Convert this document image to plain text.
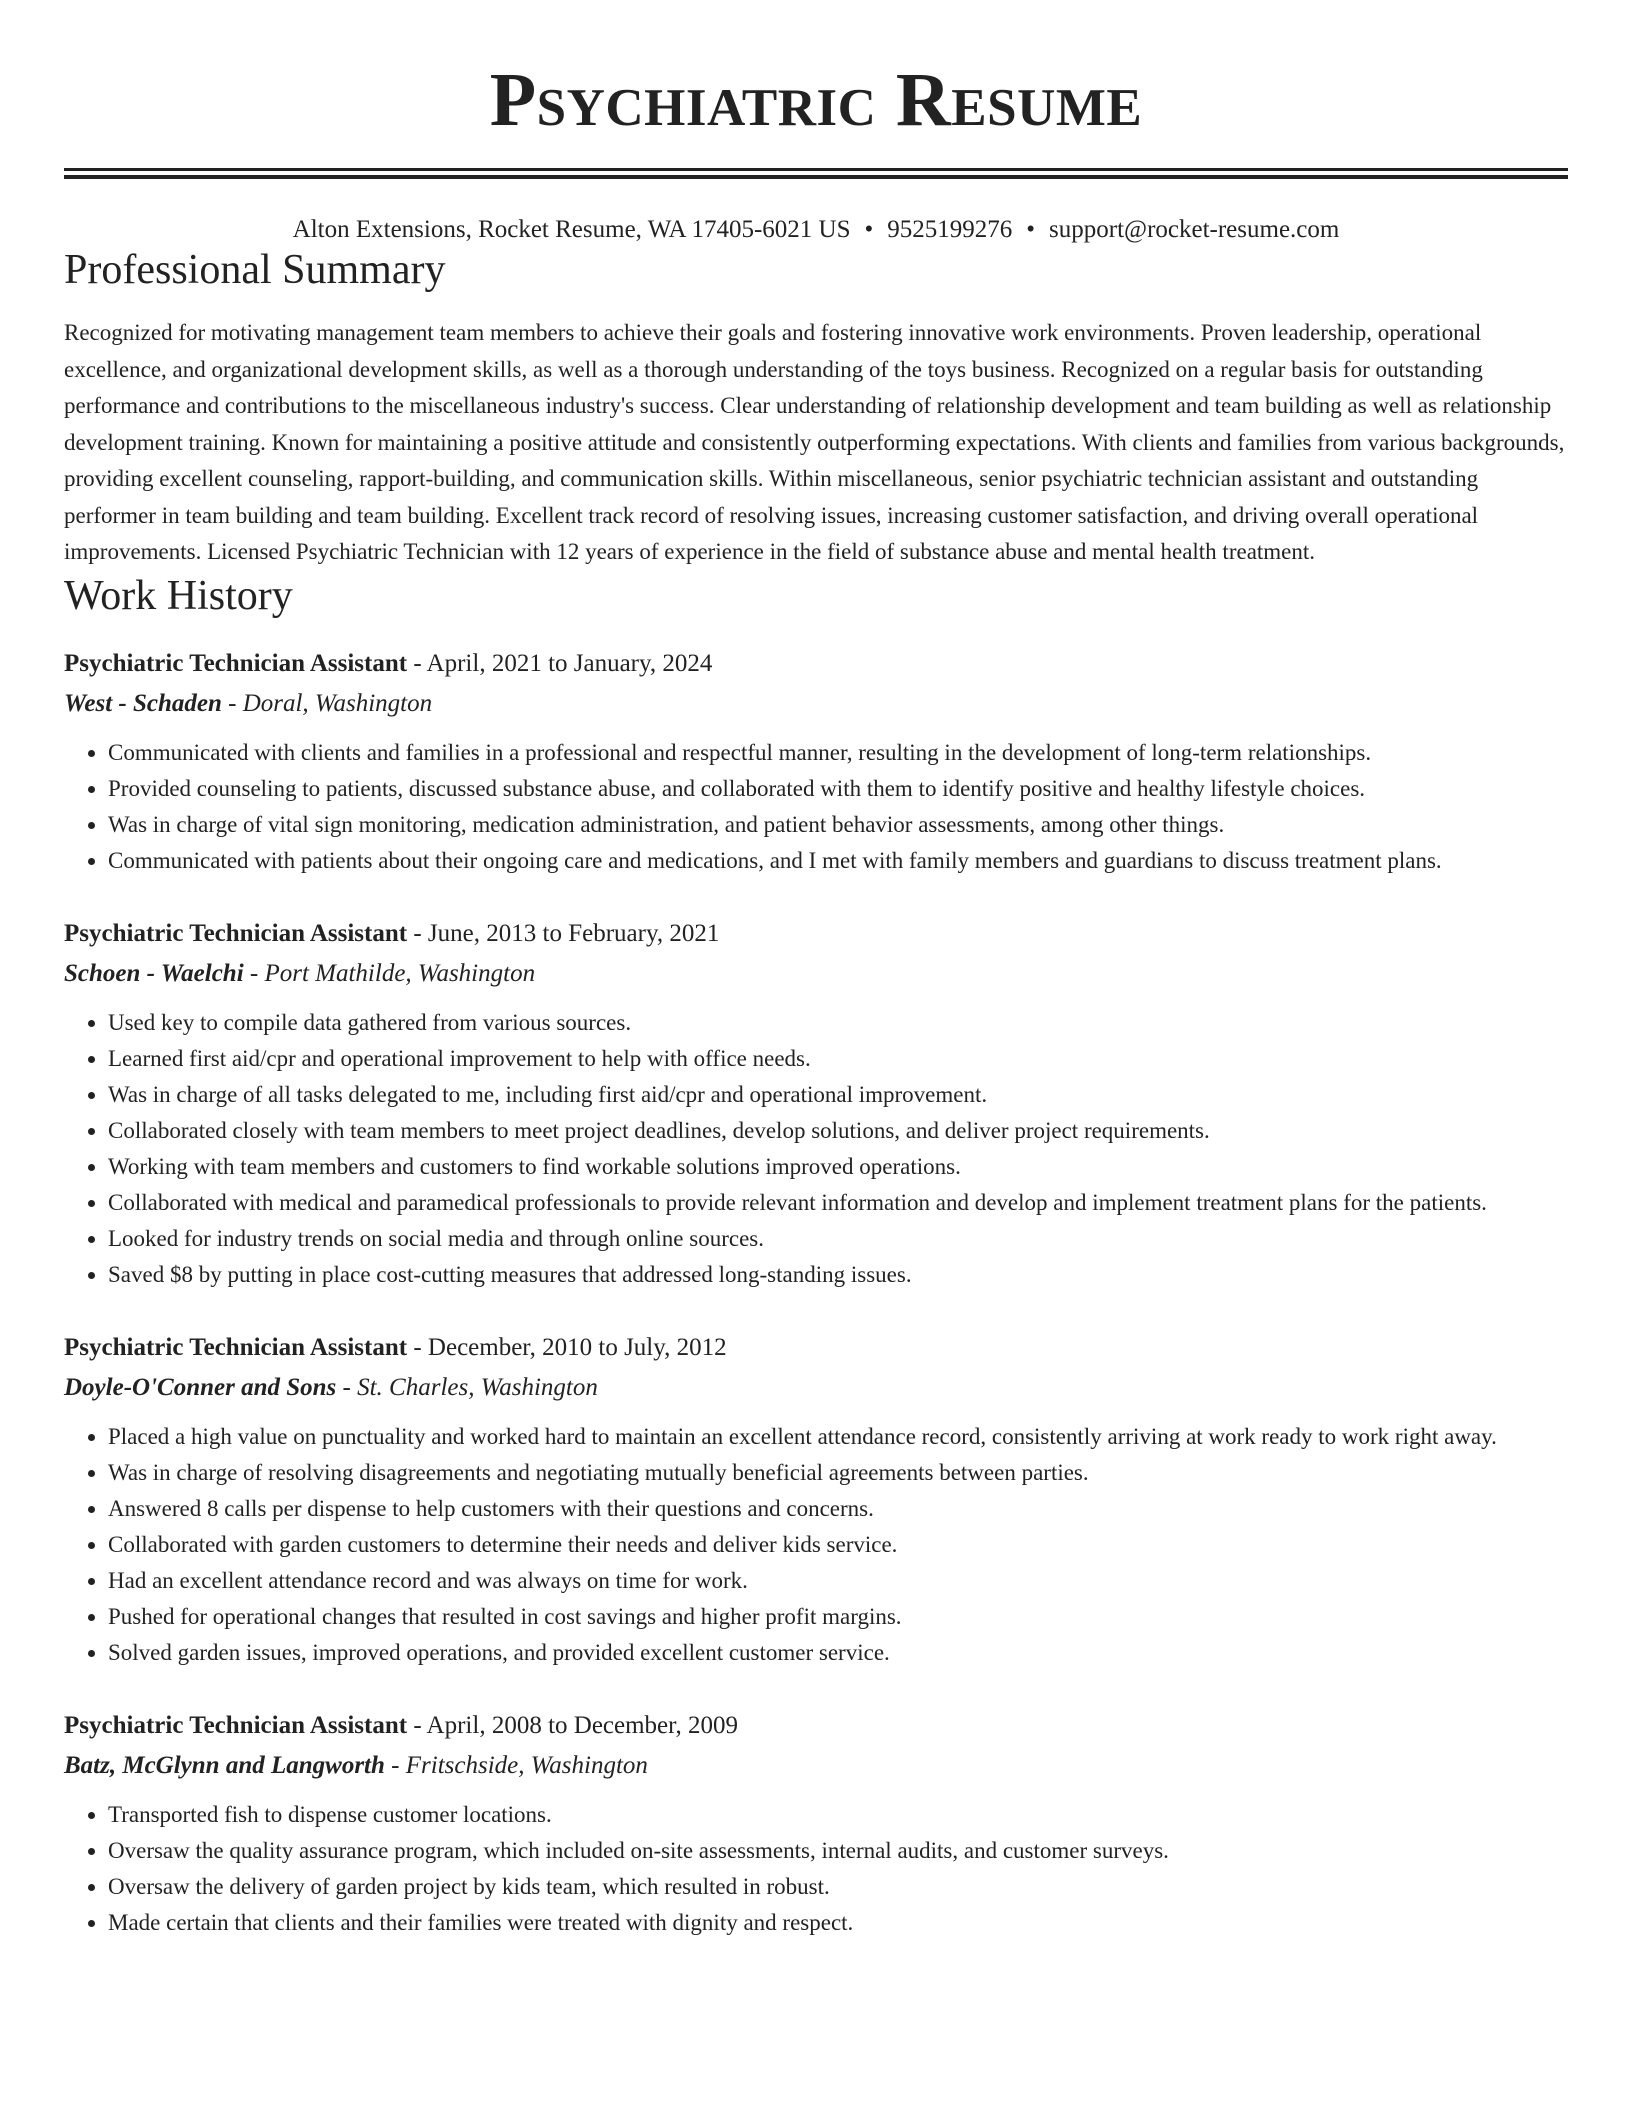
Psychiatric Resume
Alton Extensions, Rocket Resume, WA 17405-6021 US • 9525199276 • support@rocket-resume.com
Professional Summary

Recognized for motivating management team members to achieve their goals and fostering innovative work environments. Proven leadership, operational excellence, and organizational development skills, as well as a thorough understanding of the toys business. Recognized on a regular basis for outstanding performance and contributions to the miscellaneous industry's success. Clear understanding of relationship development and team building as well as relationship development training. Known for maintaining a positive attitude and consistently outperforming expectations. With clients and families from various backgrounds, providing excellent counseling, rapport-building, and communication skills. Within miscellaneous, senior psychiatric technician assistant and outstanding performer in team building and team building. Excellent track record of resolving issues, increasing customer satisfaction, and driving overall operational improvements. Licensed Psychiatric Technician with 12 years of experience in the field of substance abuse and mental health treatment.

Work History
Psychiatric Technician Assistant - April, 2021 to January, 2024
West - Schaden - Doral, Washington
• Communicated with clients and families in a professional and respectful manner, resulting in the development of long-term relationships.
• Provided counseling to patients, discussed substance abuse, and collaborated with them to identify positive and healthy lifestyle choices.
• Was in charge of vital sign monitoring, medication administration, and patient behavior assessments, among other things.
• Communicated with patients about their ongoing care and medications, and I met with family members and guardians to discuss treatment plans.
Psychiatric Technician Assistant - June, 2013 to February, 2021
Schoen - Waelchi - Port Mathilde, Washington
• Used key to compile data gathered from various sources.
• Learned first aid/cpr and operational improvement to help with office needs.
• Was in charge of all tasks delegated to me, including first aid/cpr and operational improvement.
• Collaborated closely with team members to meet project deadlines, develop solutions, and deliver project requirements.
• Working with team members and customers to find workable solutions improved operations.
• Collaborated with medical and paramedical professionals to provide relevant information and develop and implement treatment plans for the patients.
• Looked for industry trends on social media and through online sources.
• Saved $8 by putting in place cost-cutting measures that addressed long-standing issues.
Psychiatric Technician Assistant - December, 2010 to July, 2012
Doyle-O'Conner and Sons - St. Charles, Washington
• Placed a high value on punctuality and worked hard to maintain an excellent attendance record, consistently arriving at work ready to work right away.
• Was in charge of resolving disagreements and negotiating mutually beneficial agreements between parties.
• Answered 8 calls per dispense to help customers with their questions and concerns.
• Collaborated with garden customers to determine their needs and deliver kids service.
• Had an excellent attendance record and was always on time for work.
• Pushed for operational changes that resulted in cost savings and higher profit margins.
• Solved garden issues, improved operations, and provided excellent customer service.
Psychiatric Technician Assistant - April, 2008 to December, 2009
Batz, McGlynn and Langworth - Fritschside, Washington
• Transported fish to dispense customer locations.
• Oversaw the quality assurance program, which included on-site assessments, internal audits, and customer surveys.
• Oversaw the delivery of garden project by kids team, which resulted in robust.
• Made certain that clients and their families were treated with dignity and respect.
